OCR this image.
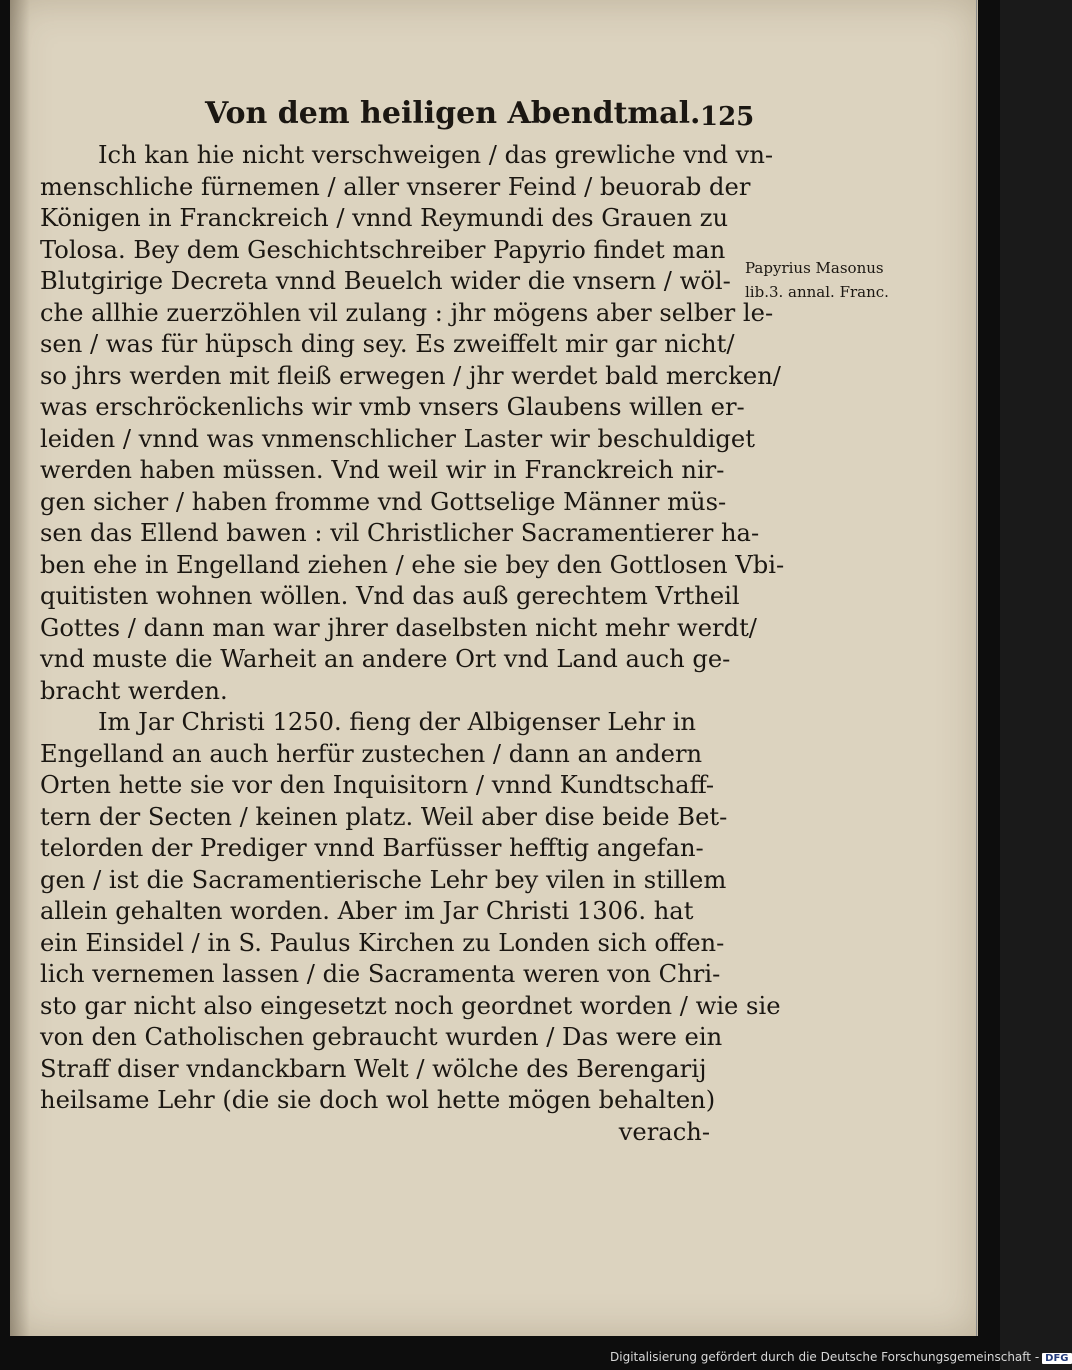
Von dem heiligen Abendtmal. 125
Papyrius Masonus
lib.3. annal. Franc.
Ich kan hie nicht verschweigen / das grewliche vnd vn-
menschliche fürnemen / aller vnserer Feind / beuorab der
Königen in Franckreich / vnnd Reymundi des Grauen zu
Tolosa. Bey dem Geschichtschreiber Papyrio findet man
Blutgirige Decreta vnnd Beuelch wider die vnsern / wöl-
che allhie zuerzöhlen vil zulang : jhr mögens aber selber le-
sen / was für hüpsch ding sey. Es zweiffelt mir gar nicht/
so jhrs werden mit fleiß erwegen / jhr werdet bald mercken/
was erschröckenlichs wir vmb vnsers Glaubens willen er-
leiden / vnnd was vnmenschlicher Laster wir beschuldiget
werden haben müssen. Vnd weil wir in Franckreich nir-
gen sicher / haben fromme vnd Gottselige Männer müs-
sen das Ellend bawen : vil Christlicher Sacramentierer ha-
ben ehe in Engelland ziehen / ehe sie bey den Gottlosen Vbi-
quitisten wohnen wöllen. Vnd das auß gerechtem Vrtheil
Gottes / dann man war jhrer daselbsten nicht mehr werdt/
vnd muste die Warheit an andere Ort vnd Land auch ge-
bracht werden.
Im Jar Christi 1250. fieng der Albigenser Lehr in
Engelland an auch herfür zustechen / dann an andern
Orten hette sie vor den Inquisitorn / vnnd Kundtschaff-
tern der Secten / keinen platz. Weil aber dise beide Bet-
telorden der Prediger vnnd Barfüsser hefftig angefan-
gen / ist die Sacramentierische Lehr bey vilen in stillem
allein gehalten worden. Aber im Jar Christi 1306. hat
ein Einsidel / in S. Paulus Kirchen zu Londen sich offen-
lich vernemen lassen / die Sacramenta weren von Chri-
sto gar nicht also eingesetzt noch geordnet worden / wie sie
von den Catholischen gebraucht wurden / Das were ein
Straff diser vndanckbarn Welt / wölche des Berengarij
heilsame Lehr (die sie doch wol hette mögen behalten)
verach-
Digitalisierung gefördert durch die Deutsche Forschungsgemeinschaft - DFG
